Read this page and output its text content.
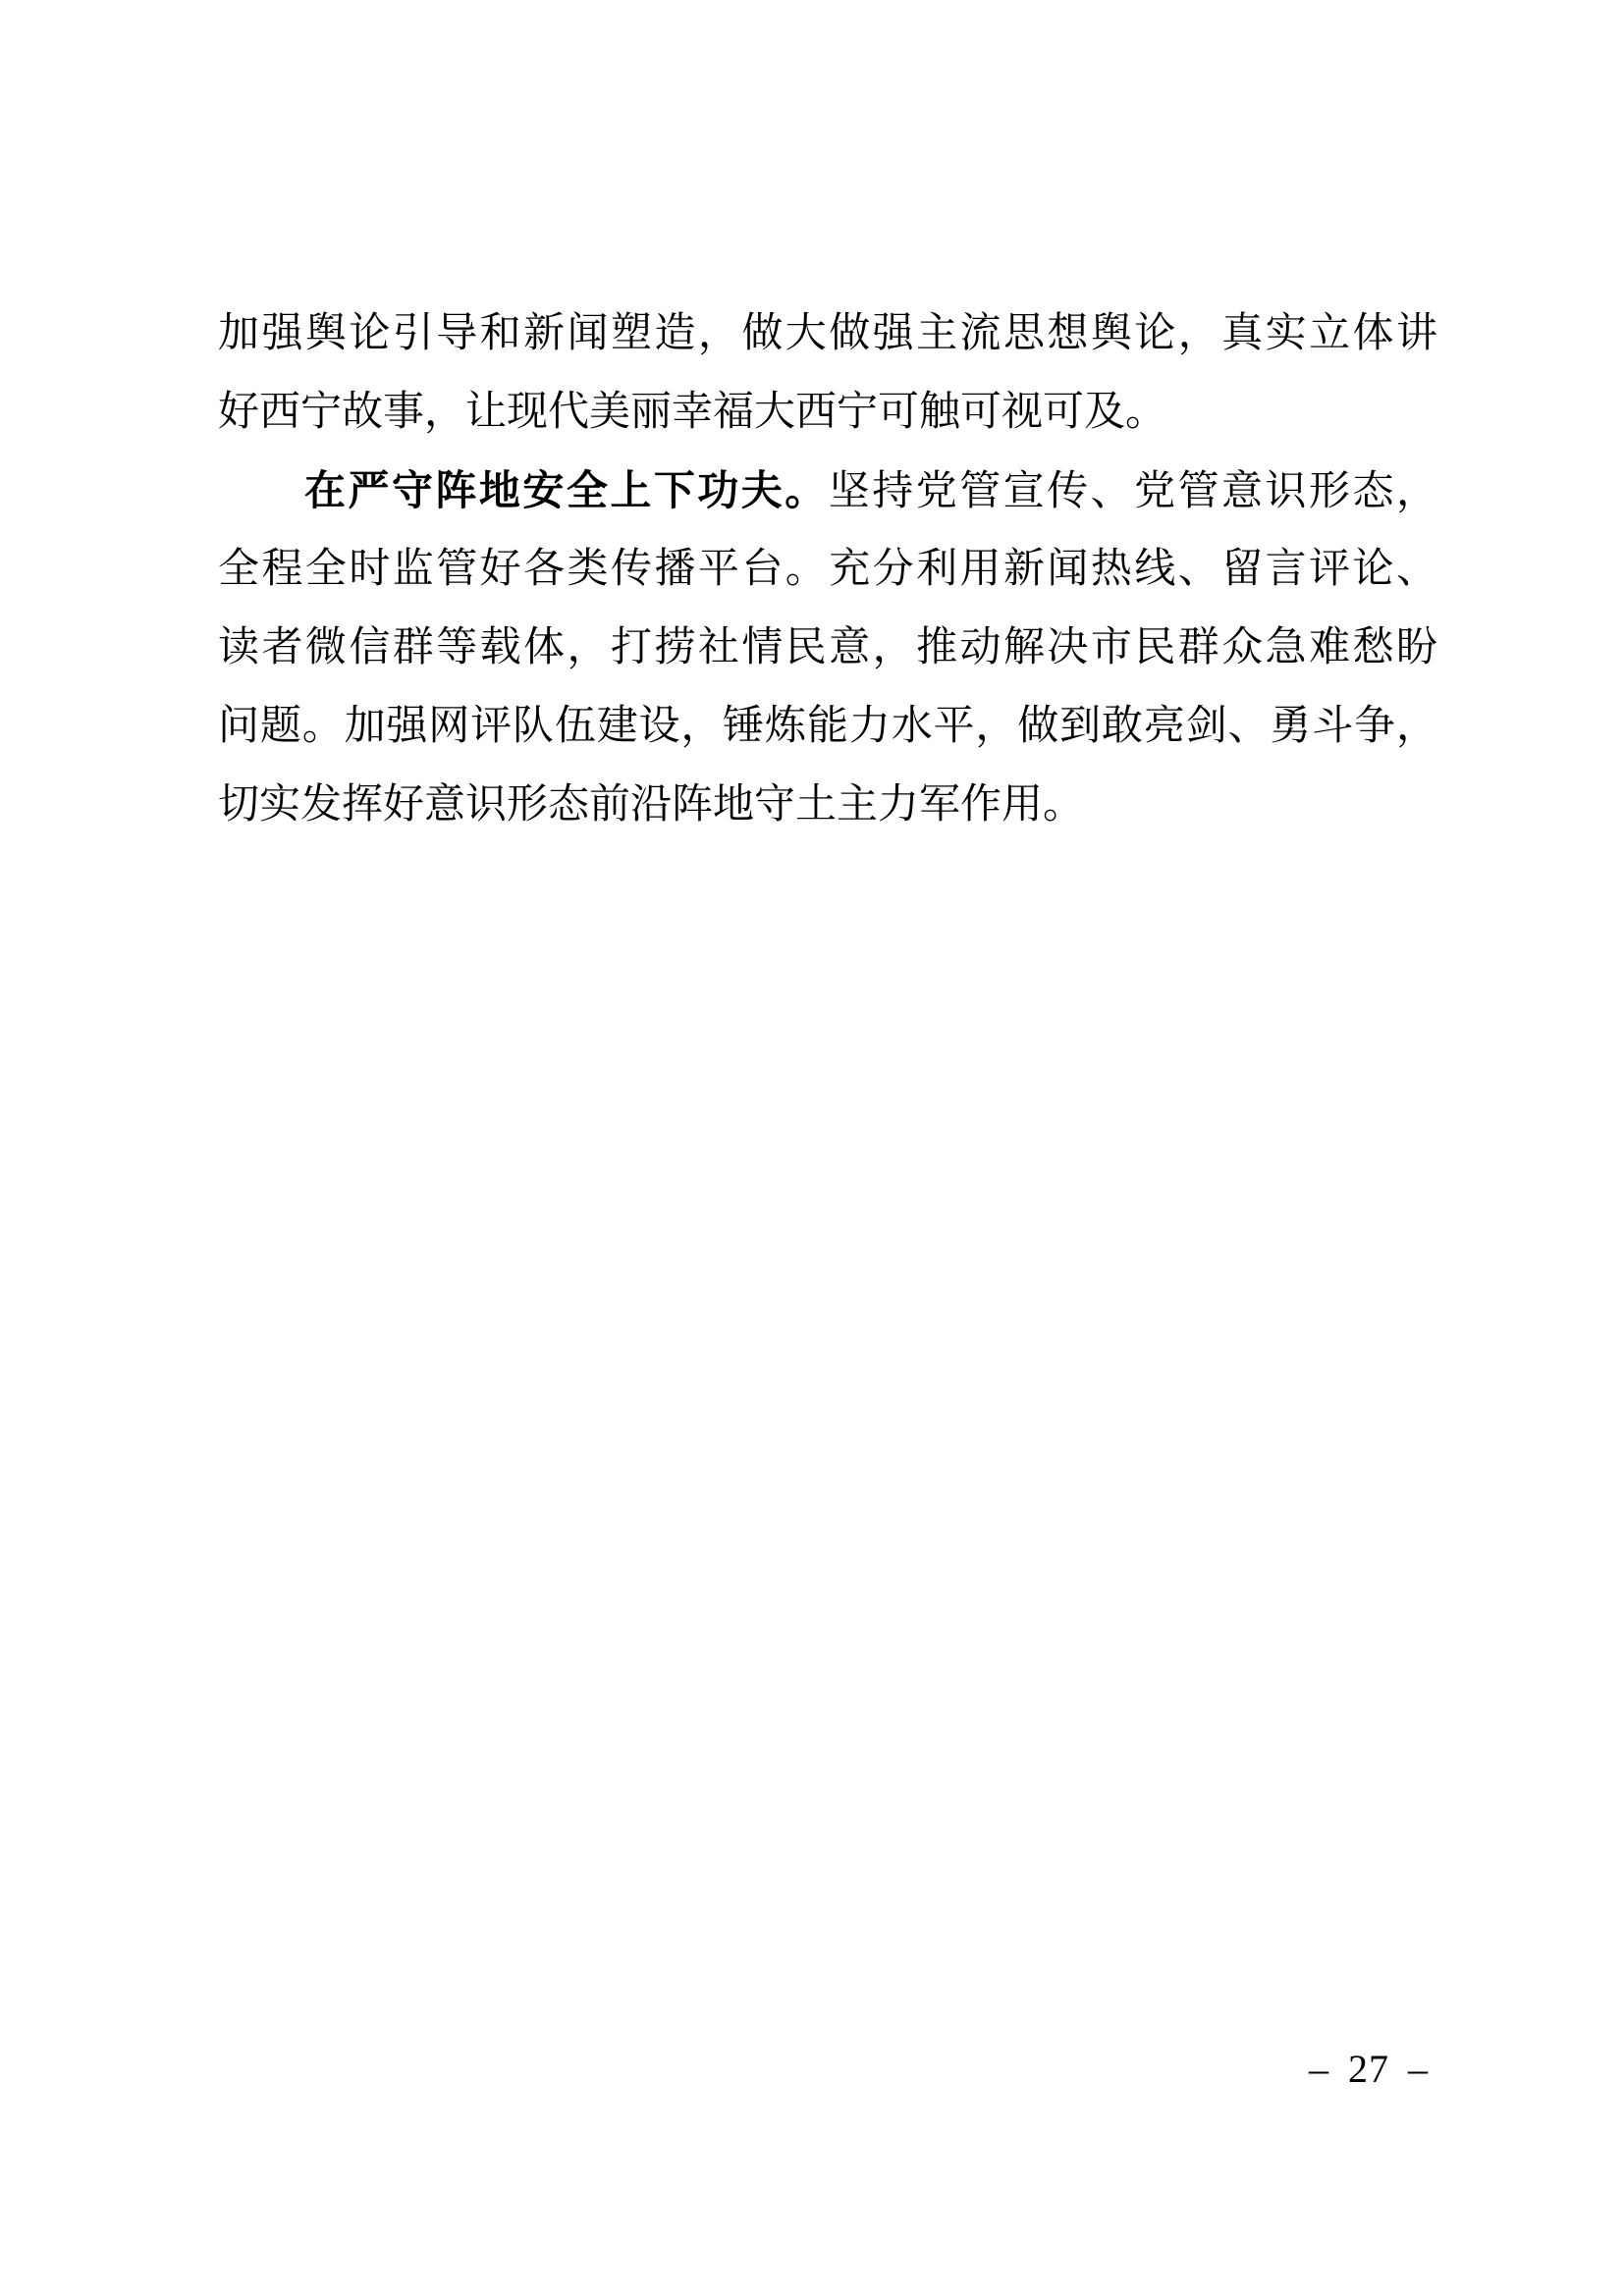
加强舆论引导和新闻塑造，做大做强主流思想舆论，真实立体讲
好西宁故事，让现代美丽幸福大西宁可触可视可及。
在严守阵地安全上下功夫。坚持党管宣传、党管意识形态，
全程全时监管好各类传播平台。充分利用新闻热线、留言评论、
读者微信群等载体，打捞社情民意，推动解决市民群众急难愁盼
问题。加强网评队伍建设，锤炼能力水平，做到敢亮剑、勇斗争，
切实发挥好意识形态前沿阵地守土主力军作用。
– 27 –
